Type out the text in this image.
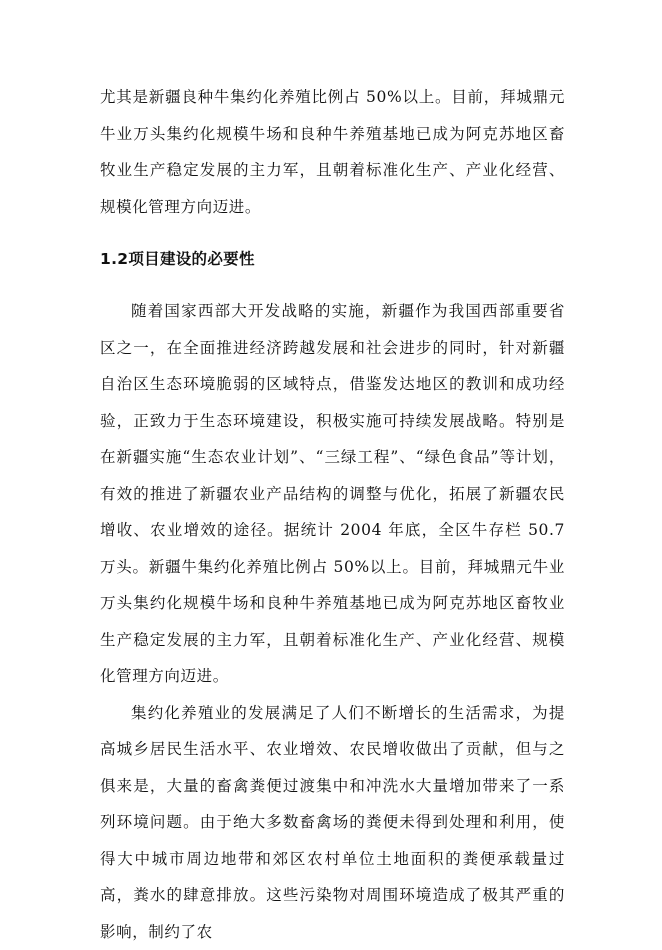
尤其是新疆良种牛集约化养殖比例占 50%以上。目前，拜城鼎元牛业万头集约化规模牛场和良种牛养殖基地已成为阿克苏地区畜牧业生产稳定发展的主力军，且朝着标准化生产、产业化经营、规模化管理方向迈进。

1.2项目建设的必要性

随着国家西部大开发战略的实施，新疆作为我国西部重要省区之一，在全面推进经济跨越发展和社会进步的同时，针对新疆自治区生态环境脆弱的区域特点，借鉴发达地区的教训和成功经验，正致力于生态环境建设，积极实施可持续发展战略。特别是在新疆实施“生态农业计划”、“三绿工程”、“绿色食品”等计划，有效的推进了新疆农业产品结构的调整与优化，拓展了新疆农民增收、农业增效的途径。据统计 2004 年底，全区牛存栏 50.7 万头。新疆牛集约化养殖比例占 50%以上。目前，拜城鼎元牛业万头集约化规模牛场和良种牛养殖基地已成为阿克苏地区畜牧业生产稳定发展的主力军，且朝着标准化生产、产业化经营、规模化管理方向迈进。

集约化养殖业的发展满足了人们不断增长的生活需求，为提高城乡居民生活水平、农业增效、农民增收做出了贡献，但与之俱来是，大量的畜禽粪便过渡集中和冲洗水大量增加带来了一系列环境问题。由于绝大多数畜禽场的粪便未得到处理和利用，使得大中城市周边地带和郊区农村单位土地面积的粪便承载量过高，粪水的肆意排放。这些污染物对周围环境造成了极其严重的影响，制约了农
